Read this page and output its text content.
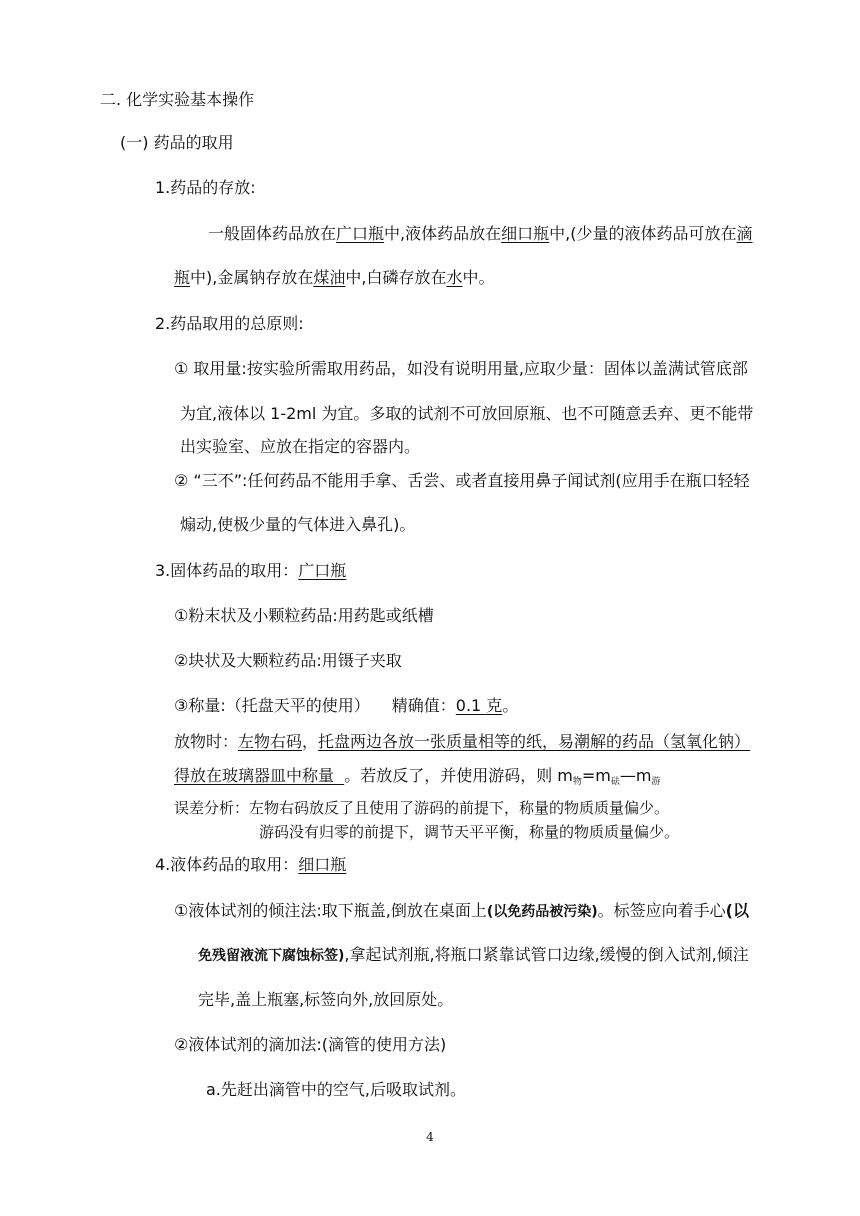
二. 化学实验基本操作
(一) 药品的取用
1.药品的存放:
一般固体药品放在广口瓶中,液体药品放在细口瓶中,(少量的液体药品可放在滴
瓶中),金属钠存放在煤油中,白磷存放在水中。
2.药品取用的总原则:
① 取用量:按实验所需取用药品，如没有说明用量,应取少量：固体以盖满试管底部
为宜,液体以 1-2ml 为宜。多取的试剂不可放回原瓶、也不可随意丢弃、更不能带
出实验室、应放在指定的容器内。
② “三不”:任何药品不能用手拿、舌尝、或者直接用鼻子闻试剂(应用手在瓶口轻轻
煽动,使极少量的气体进入鼻孔)。
3.固体药品的取用：广口瓶
①粉末状及小颗粒药品:用药匙或纸槽
②块状及大颗粒药品:用镊子夹取
③称量:（托盘天平的使用） 精确值：0.1 克。
放物时：左物右码，托盘两边各放一张质量相等的纸，易潮解的药品（氢氧化钠）
得放在玻璃器皿中称量 。若放反了，并使用游码，则 $m_物=m_砝—m_游$
误差分析：左物右码放反了且使用了游码的前提下，称量的物质质量偏少。
游码没有归零的前提下，调节天平平衡，称量的物质质量偏少。
4.液体药品的取用：细口瓶
①液体试剂的倾注法:取下瓶盖,倒放在桌面上(以免药品被污染)。标签应向着手心(以
免残留液流下腐蚀标签),拿起试剂瓶,将瓶口紧靠试管口边缘,缓慢的倒入试剂,倾注
完毕,盖上瓶塞,标签向外,放回原处。
②液体试剂的滴加法:(滴管的使用方法)
a.先赶出滴管中的空气,后吸取试剂。
4
